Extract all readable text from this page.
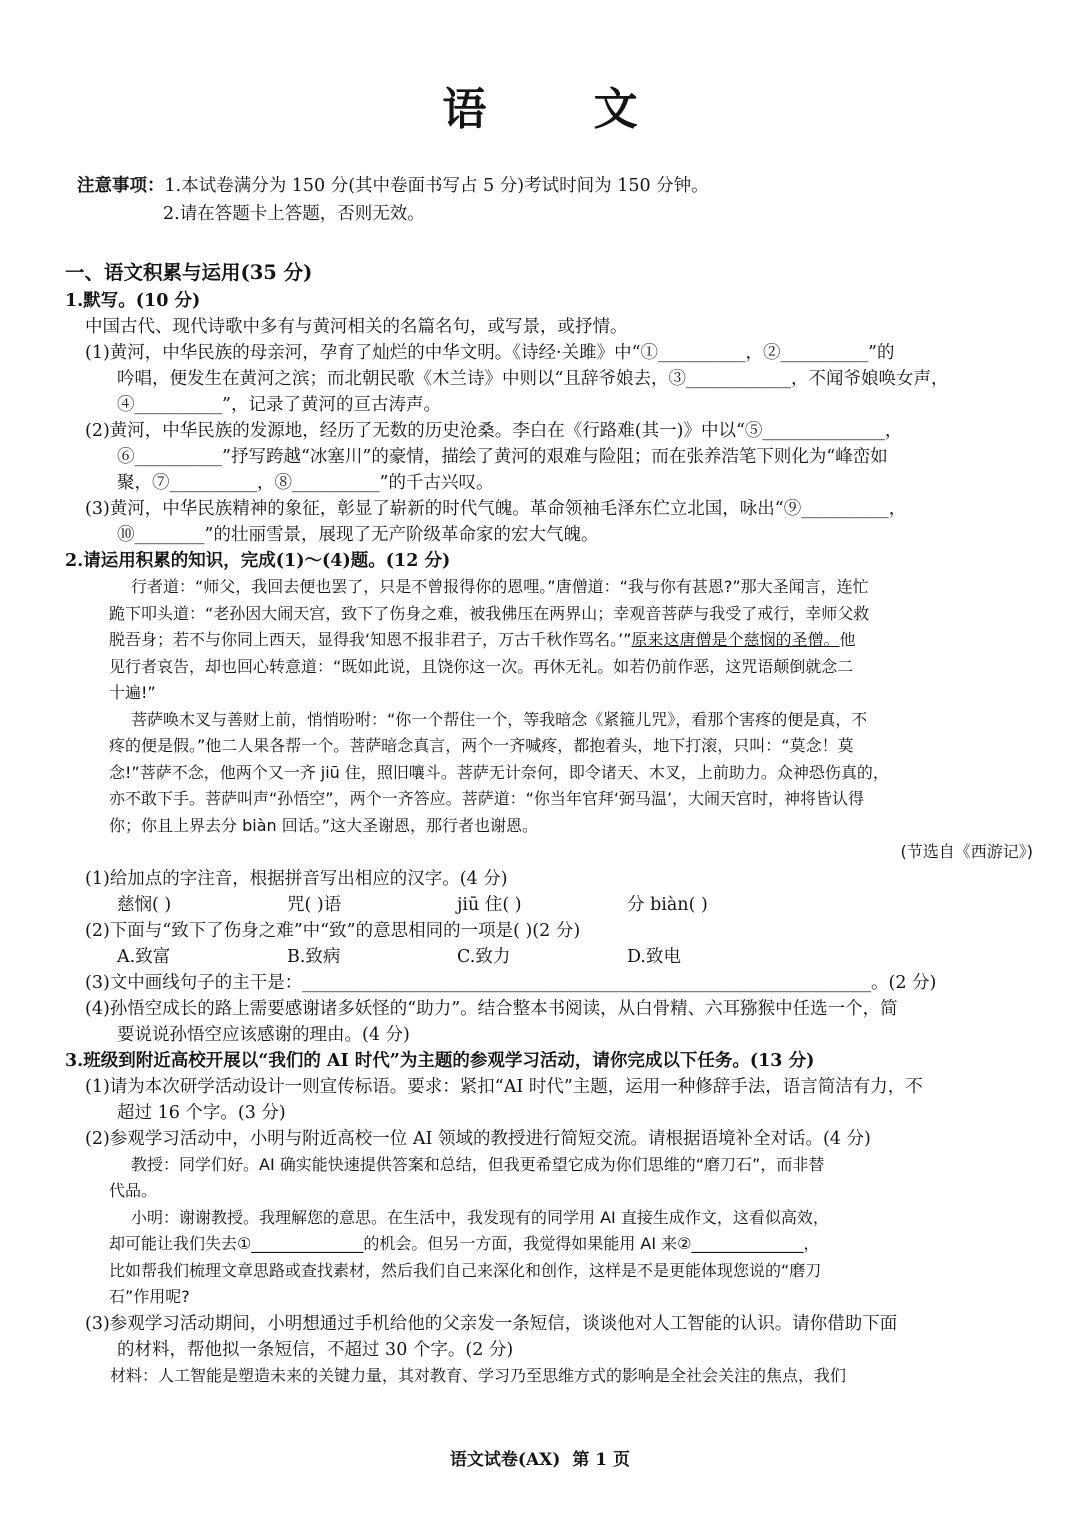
语 文
注意事项：1.本试卷满分为 150 分(其中卷面书写占 5 分)考试时间为 150 分钟。
2.请在答题卡上答题，否则无效。
一、语文积累与运用(35 分)
1.默写。(10 分)
中国古代、现代诗歌中多有与黄河相关的名篇名句，或写景，或抒情。
(1)黄河，中华民族的母亲河，孕育了灿烂的中华文明。《诗经·关雎》中“①__________，②__________”的
吟唱，便发生在黄河之滨；而北朝民歌《木兰诗》中则以“且辞爷娘去，③____________，不闻爷娘唤女声，
④__________”，记录了黄河的亘古涛声。
(2)黄河，中华民族的发源地，经历了无数的历史沧桑。李白在《行路难(其一)》中以“⑤______________，
⑥__________”抒写跨越“冰塞川”的豪情，描绘了黄河的艰难与险阻；而在张养浩笔下则化为“峰峦如
聚，⑦__________，⑧__________”的千古兴叹。
(3)黄河，中华民族精神的象征，彰显了崭新的时代气魄。革命领袖毛泽东伫立北国，咏出“⑨__________，
⑩________”的壮丽雪景，展现了无产阶级革命家的宏大气魄。
2.请运用积累的知识，完成(1)～(4)题。(12 分)
行者道：“师父，我回去便也罢了，只是不曾报得你的恩哩。”唐僧道：“我与你有甚恩?”那大圣闻言，连忙
跪下叩头道：“老孙因大闹天宫，致下了伤身之难，被我佛压在两界山；幸观音菩萨与我受了戒行，幸师父救
脱吾身；若不与你同上西天，显得我‘知恩不报非君子，万古千秋作骂名。’”原来这唐僧是个慈悯的圣僧。他
见行者哀告，却也回心转意道：“既如此说，且饶你这一次。再休无礼。如若仍前作恶，这咒语颠倒就念二
十遍!”
菩萨唤木叉与善财上前，悄悄吩咐：“你一个帮住一个，等我暗念《紧箍儿咒》，看那个害疼的便是真，不
疼的便是假。”他二人果各帮一个。菩萨暗念真言，两个一齐喊疼，都抱着头，地下打滚，只叫：“莫念！莫
念!”菩萨不念，他两个又一齐 jiū 住，照旧嚷斗。菩萨无计奈何，即令诸天、木叉，上前助力。众神恐伤真的，
亦不敢下手。菩萨叫声“孙悟空”，两个一齐答应。菩萨道：“你当年官拜‘弼马温’，大闹天宫时，神将皆认得
你；你且上界去分 biàn 回话。”这大圣谢恩，那行者也谢恩。
(节选自《西游记》)
(1)给加点的字注音，根据拼音写出相应的汉字。(4 分)
慈悯( )	咒( )语	jiū 住( )	分 biàn( )
(2)下面与“致下了伤身之难”中“致”的意思相同的一项是( )(2 分)
A.致富	B.致病	C.致力	D.致电
(3)文中画线句子的主干是：_________________________________________________________________。(2 分)
(4)孙悟空成长的路上需要感谢诸多妖怪的“助力”。结合整本书阅读，从白骨精、六耳猕猴中任选一个，简
要说说孙悟空应该感谢的理由。(4 分)
3.班级到附近高校开展以“我们的 AI 时代”为主题的参观学习活动，请你完成以下任务。(13 分)
(1)请为本次研学活动设计一则宣传标语。要求：紧扣“AI 时代”主题，运用一种修辞手法，语言简洁有力，不
超过 16 个字。(3 分)
(2)参观学习活动中，小明与附近高校一位 AI 领域的教授进行简短交流。请根据语境补全对话。(4 分)
教授：同学们好。AI 确实能快速提供答案和总结，但我更希望它成为你们思维的“磨刀石”，而非替
代品。
小明：谢谢教授。我理解您的意思。在生活中，我发现有的同学用 AI 直接生成作文，这看似高效，
却可能让我们失去①______________的机会。但另一方面，我觉得如果能用 AI 来②______________，
比如帮我们梳理文章思路或查找素材，然后我们自己来深化和创作，这样是不是更能体现您说的“磨刀
石”作用呢?
(3)参观学习活动期间，小明想通过手机给他的父亲发一条短信，谈谈他对人工智能的认识。请你借助下面
的材料，帮他拟一条短信，不超过 30 个字。(2 分)
材料：人工智能是塑造未来的关键力量，其对教育、学习乃至思维方式的影响是全社会关注的焦点，我们
语文试卷(AX) 第 1 页
